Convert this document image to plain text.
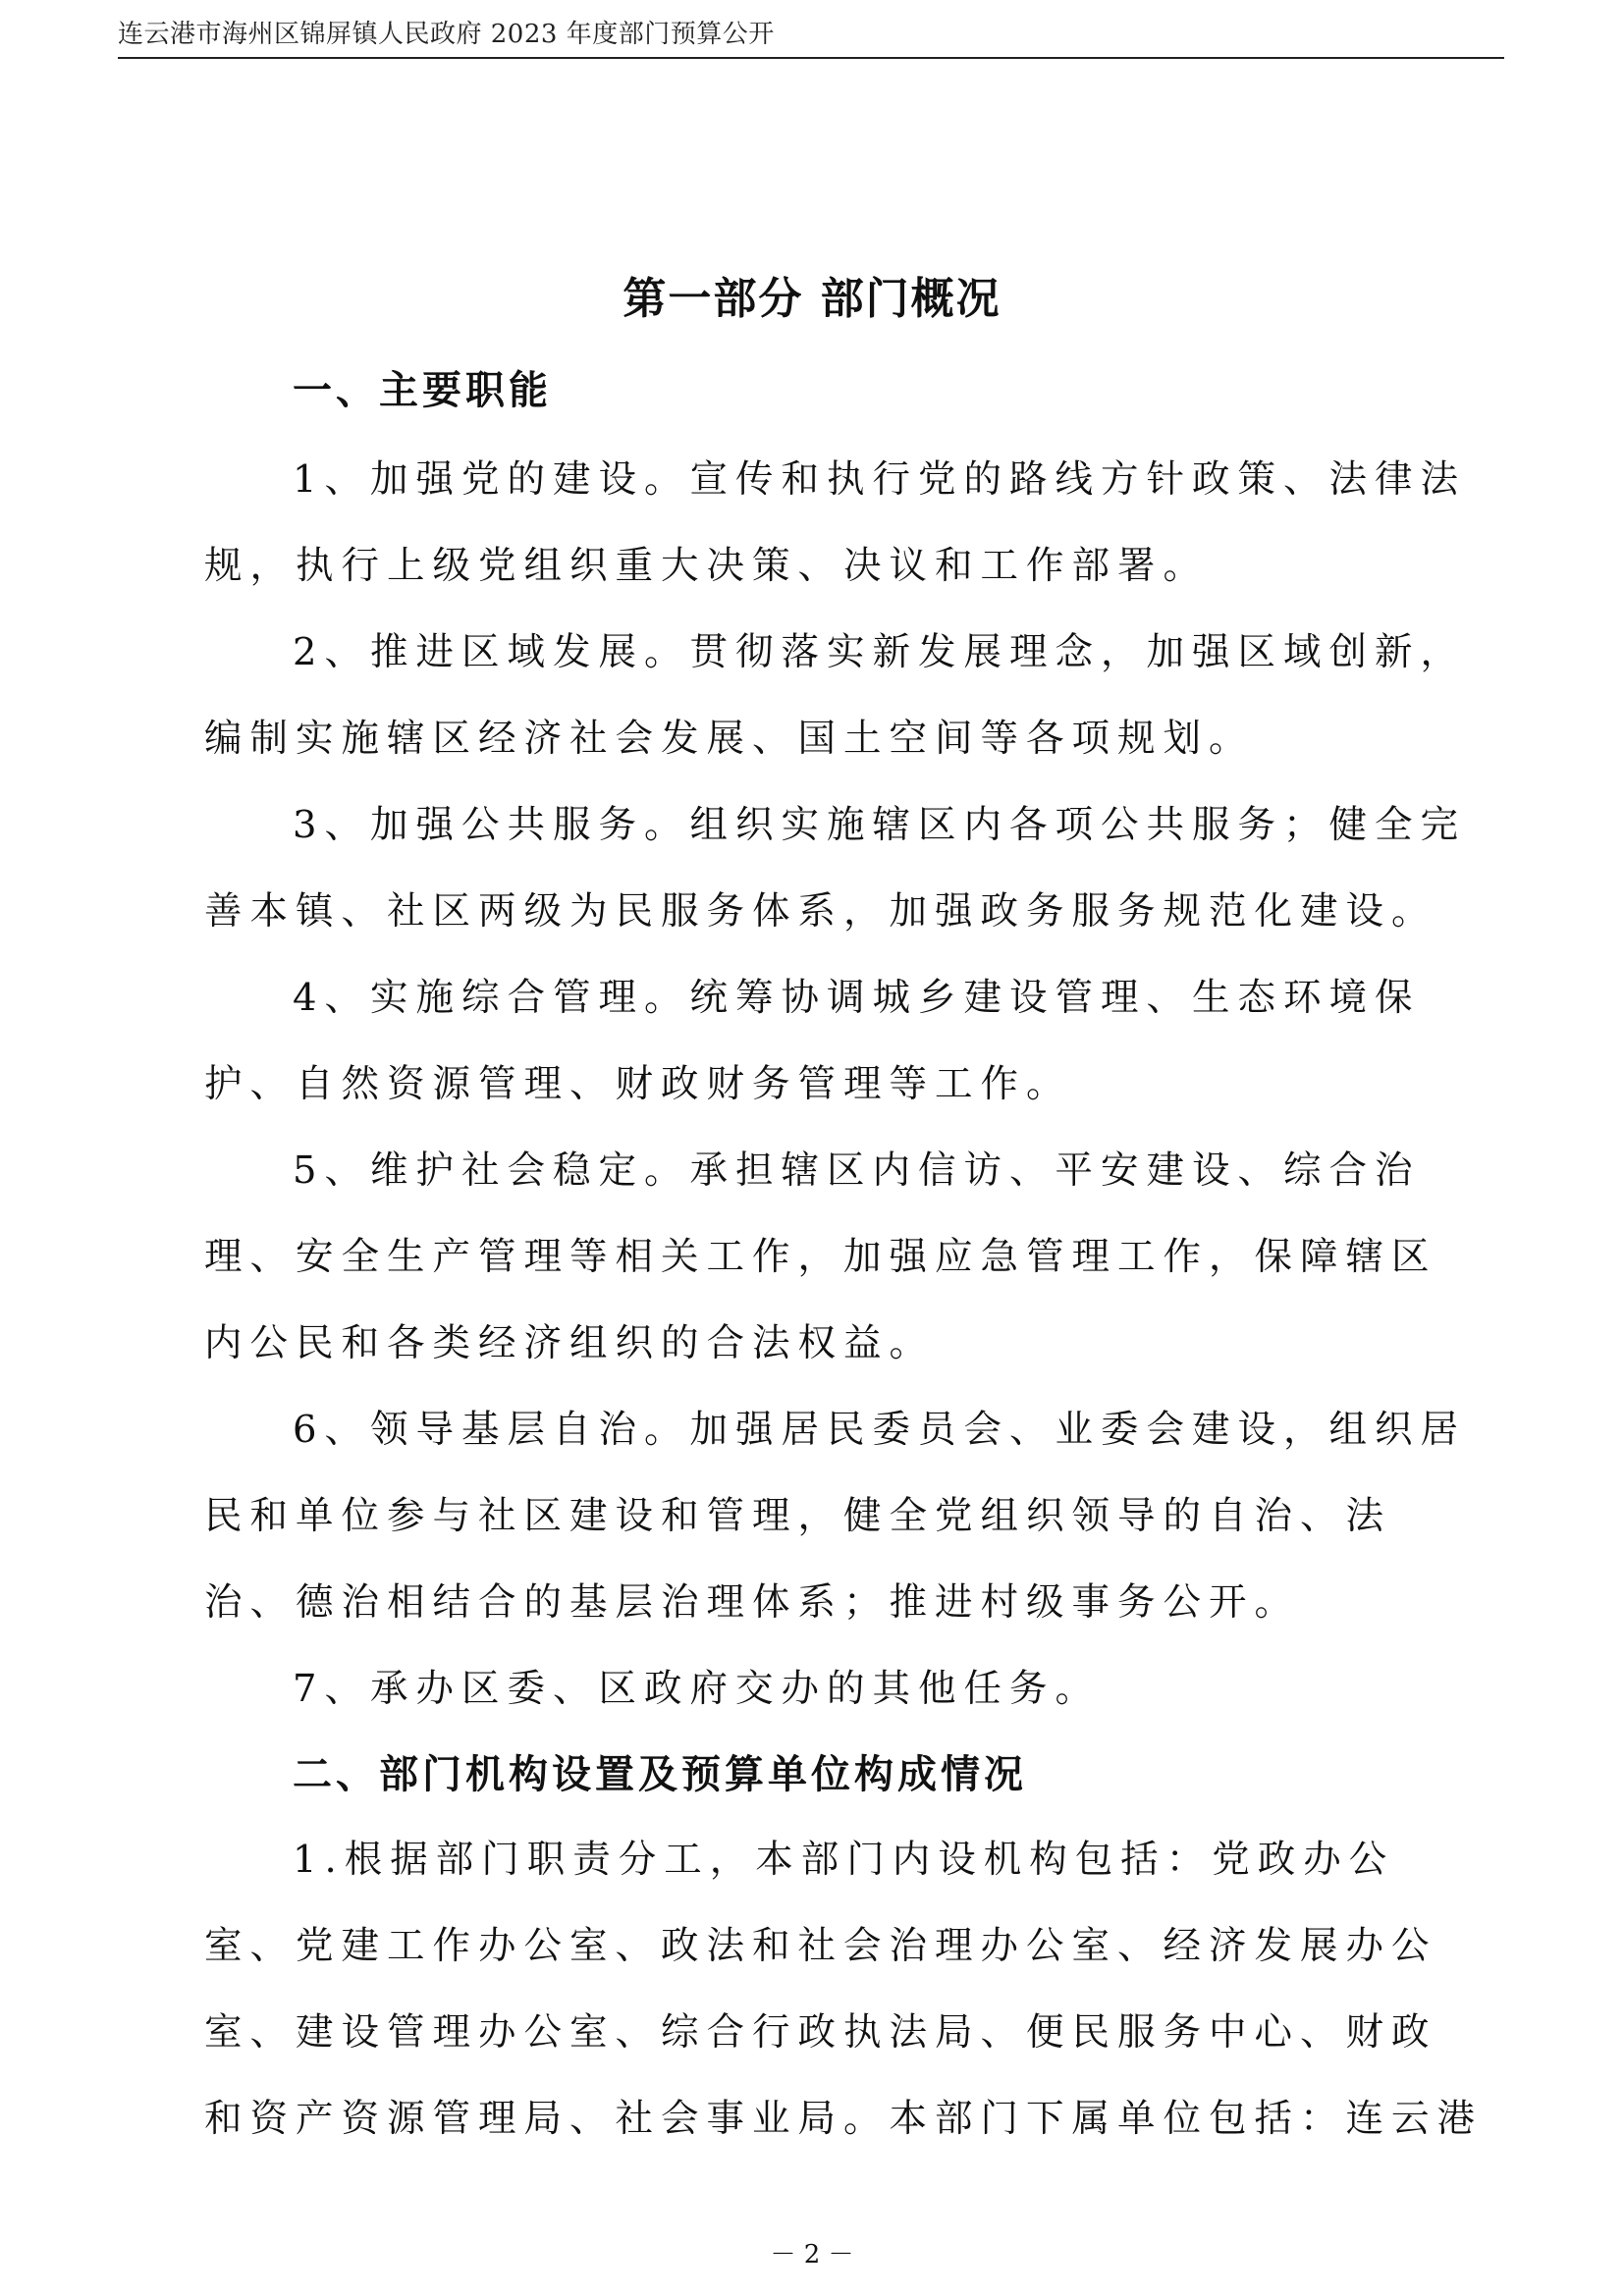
连云港市海州区锦屏镇人民政府 2023 年度部门预算公开
第一部分 部门概况
一、主要职能
1、加强党的建设。宣传和执行党的路线方针政策、法律法
规，执行上级党组织重大决策、决议和工作部署。
2、推进区域发展。贯彻落实新发展理念，加强区域创新，
编制实施辖区经济社会发展、国土空间等各项规划。
3、加强公共服务。组织实施辖区内各项公共服务；健全完
善本镇、社区两级为民服务体系，加强政务服务规范化建设。
4、实施综合管理。统筹协调城乡建设管理、生态环境保
护、自然资源管理、财政财务管理等工作。
5、维护社会稳定。承担辖区内信访、平安建设、综合治
理、安全生产管理等相关工作，加强应急管理工作，保障辖区
内公民和各类经济组织的合法权益。
6、领导基层自治。加强居民委员会、业委会建设，组织居
民和单位参与社区建设和管理，健全党组织领导的自治、法
治、德治相结合的基层治理体系；推进村级事务公开。
7、承办区委、区政府交办的其他任务。
二、部门机构设置及预算单位构成情况
1.根据部门职责分工，本部门内设机构包括：党政办公
室、党建工作办公室、政法和社会治理办公室、经济发展办公
室、建设管理办公室、综合行政执法局、便民服务中心、财政
和资产资源管理局、社会事业局。本部门下属单位包括：连云港
－ 2 －
